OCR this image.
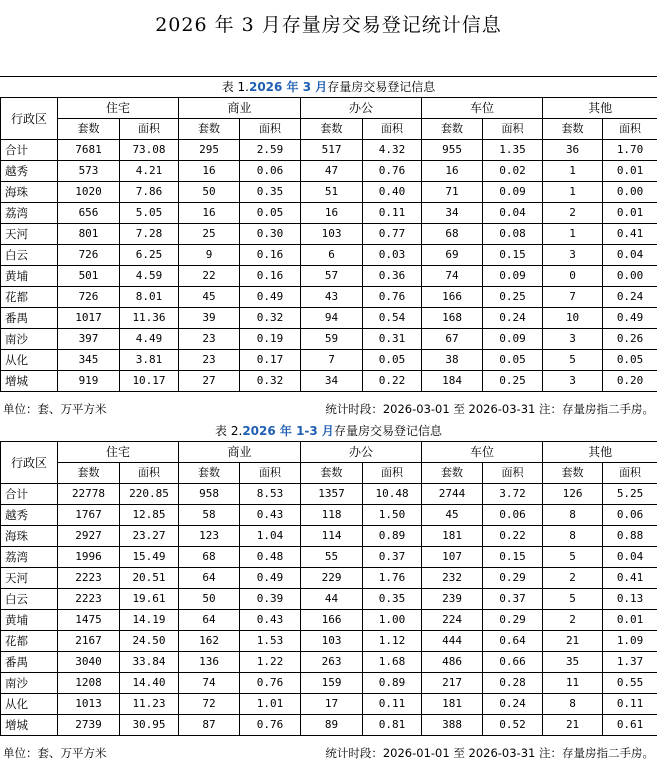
2026 年 3 月存量房交易登记统计信息
表 1.2026 年 3 月存量房交易登记信息
行政区	住宅		商业		办公		车位		其他	
	套数	面积	套数	面积	套数	面积	套数	面积	套数	面积
合计	7681	73.08	295	2.59	517	4.32	955	1.35	36	1.70
越秀	573	4.21	16	0.06	47	0.76	16	0.02	1	0.01
海珠	1020	7.86	50	0.35	51	0.40	71	0.09	1	0.00
荔湾	656	5.05	16	0.05	16	0.11	34	0.04	2	0.01
天河	801	7.28	25	0.30	103	0.77	68	0.08	1	0.41
白云	726	6.25	9	0.16	6	0.03	69	0.15	3	0.04
黄埔	501	4.59	22	0.16	57	0.36	74	0.09	0	0.00
花都	726	8.01	45	0.49	43	0.76	166	0.25	7	0.24
番禺	1017	11.36	39	0.32	94	0.54	168	0.24	10	0.49
南沙	397	4.49	23	0.19	59	0.31	67	0.09	3	0.26
从化	345	3.81	23	0.17	7	0.05	38	0.05	5	0.05
增城	919	10.17	27	0.32	34	0.22	184	0.25	3	0.20
单位：套、万平方米	统计时段：2026-03-01 至 2026-03-31 注：存量房指二手房。
表 2.2026 年 1-3 月存量房交易登记信息
行政区	住宅		商业		办公		车位		其他	
	套数	面积	套数	面积	套数	面积	套数	面积	套数	面积
合计	22778	220.85	958	8.53	1357	10.48	2744	3.72	126	5.25
越秀	1767	12.85	58	0.43	118	1.50	45	0.06	8	0.06
海珠	2927	23.27	123	1.04	114	0.89	181	0.22	8	0.88
荔湾	1996	15.49	68	0.48	55	0.37	107	0.15	5	0.04
天河	2223	20.51	64	0.49	229	1.76	232	0.29	2	0.41
白云	2223	19.61	50	0.39	44	0.35	239	0.37	5	0.13
黄埔	1475	14.19	64	0.43	166	1.00	224	0.29	2	0.01
花都	2167	24.50	162	1.53	103	1.12	444	0.64	21	1.09
番禺	3040	33.84	136	1.22	263	1.68	486	0.66	35	1.37
南沙	1208	14.40	74	0.76	159	0.89	217	0.28	11	0.55
从化	1013	11.23	72	1.01	17	0.11	181	0.24	8	0.11
增城	2739	30.95	87	0.76	89	0.81	388	0.52	21	0.61
单位：套、万平方米	统计时段：2026-01-01 至 2026-03-31 注：存量房指二手房。
